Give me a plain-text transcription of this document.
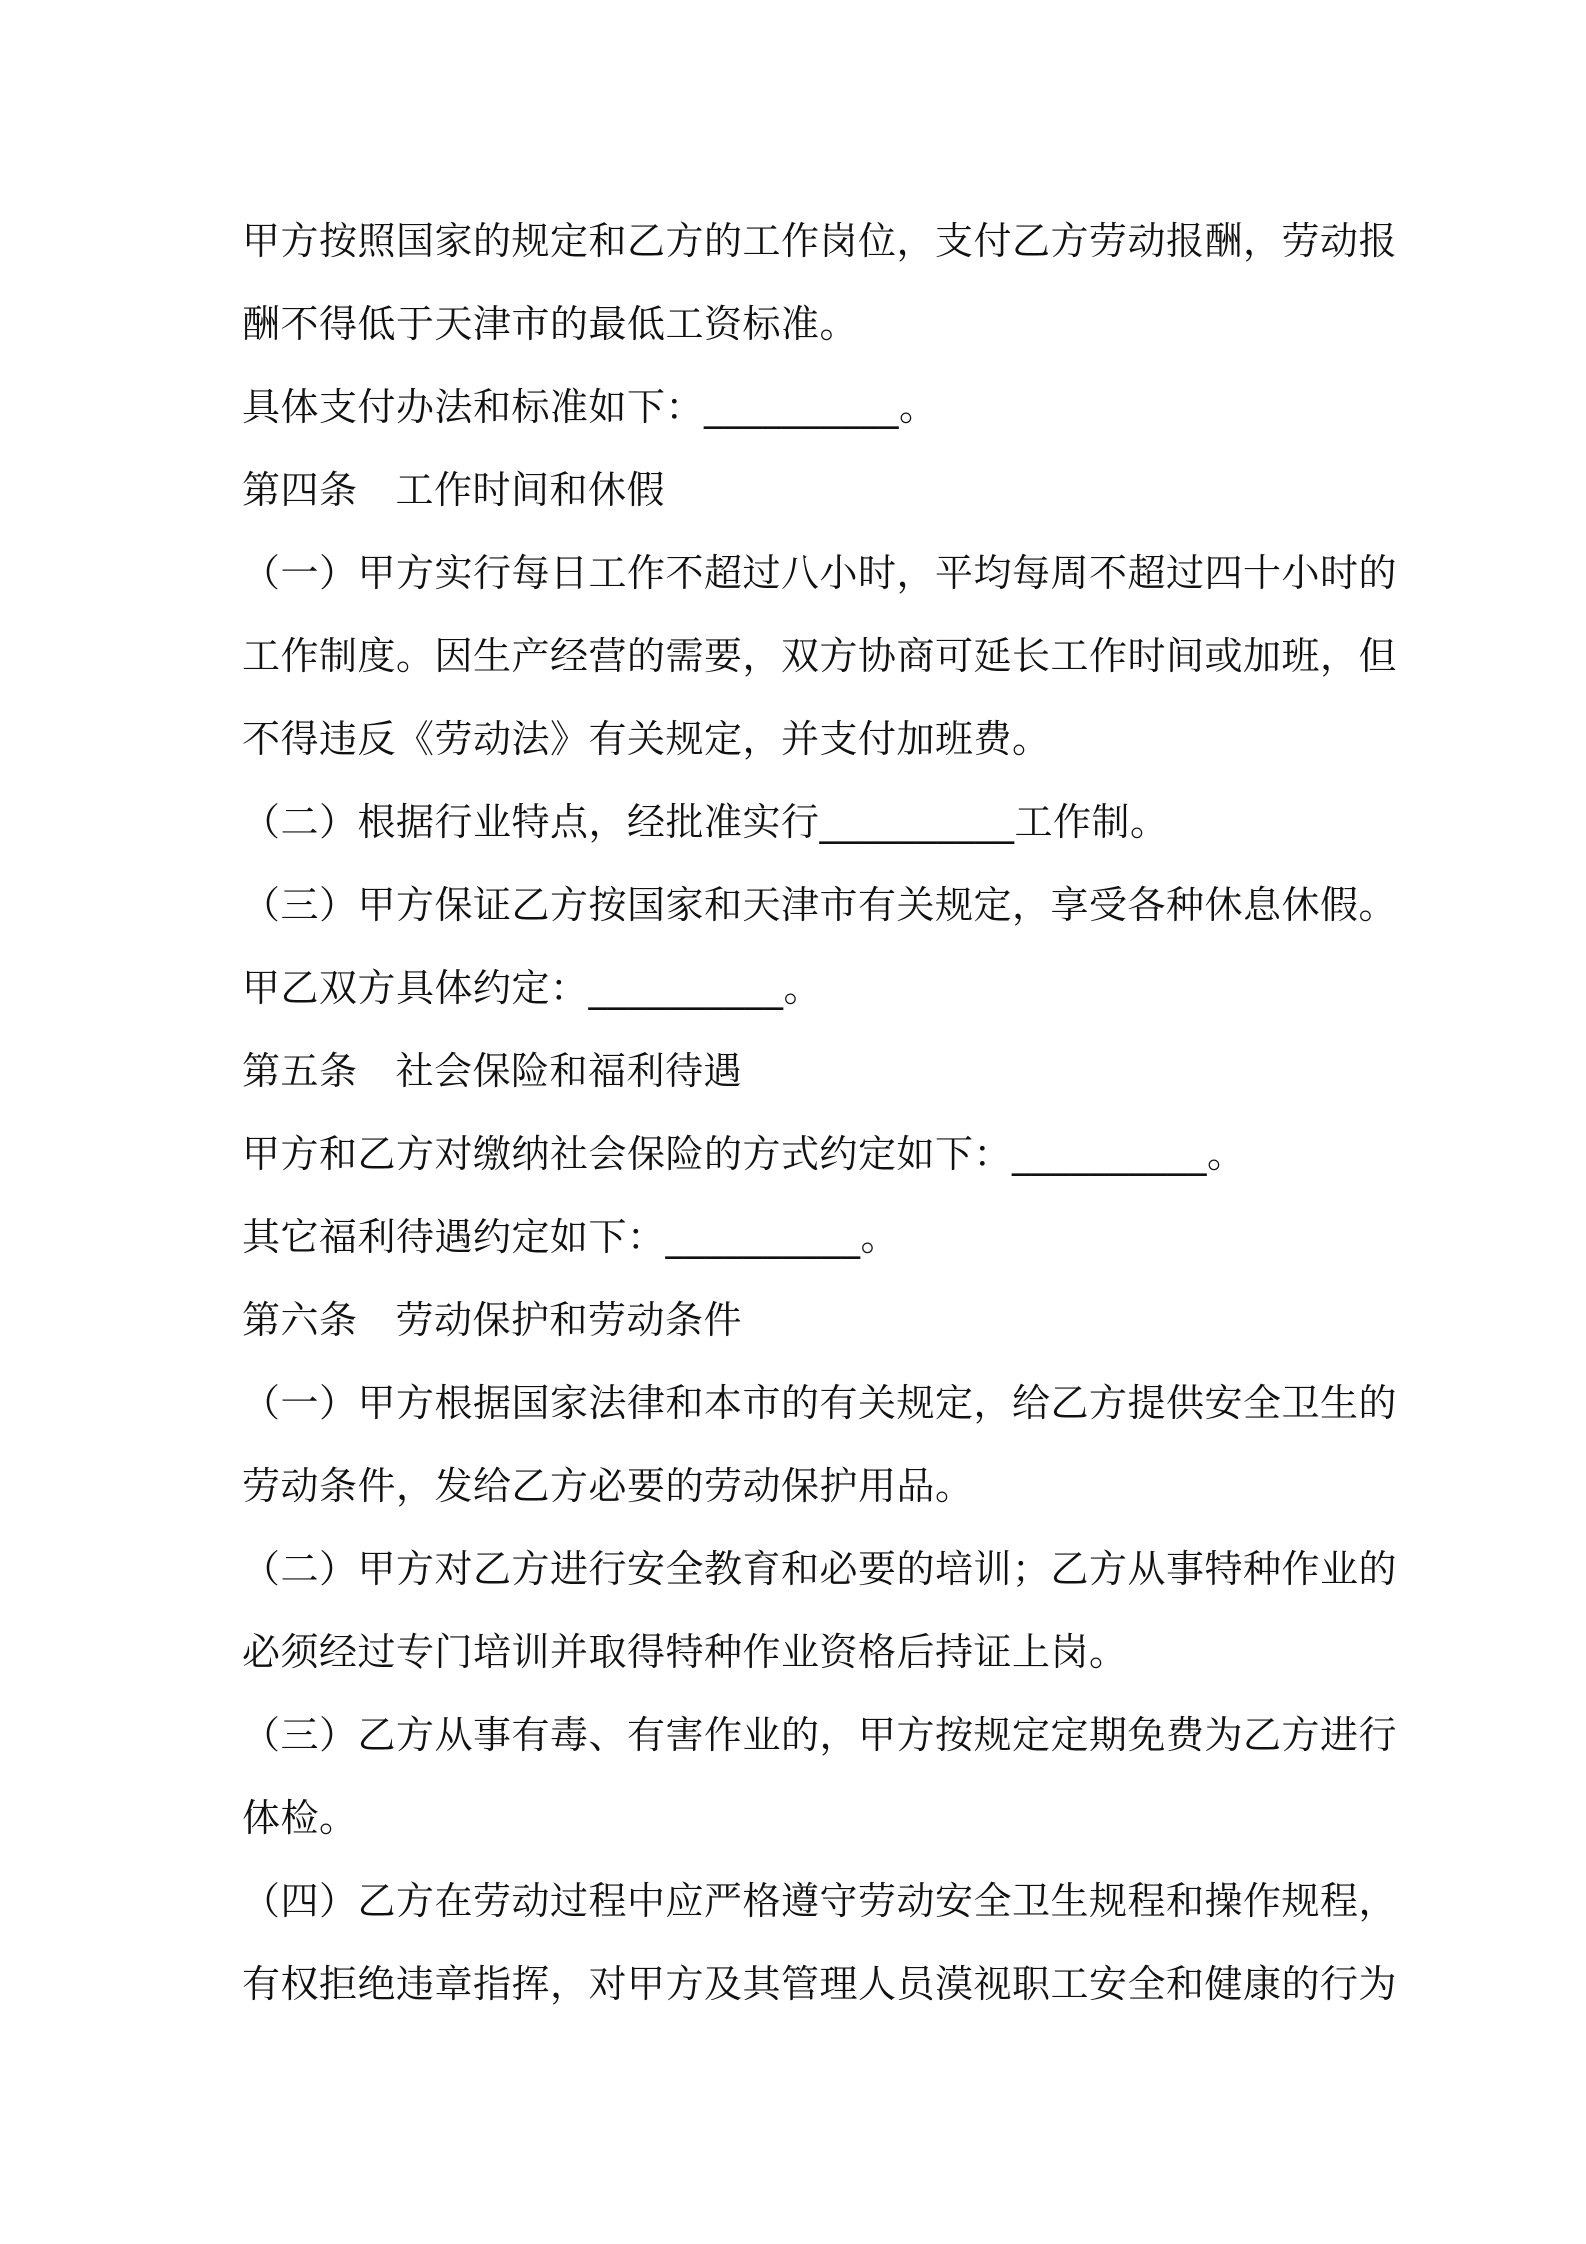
甲方按照国家的规定和乙方的工作岗位，支付乙方劳动报酬，劳动报

酬不得低于天津市的最低工资标准。

具体支付办法和标准如下：__________。

第四条 工作时间和休假

（一）甲方实行每日工作不超过八小时，平均每周不超过四十小时的

工作制度。因生产经营的需要，双方协商可延长工作时间或加班，但

不得违反《劳动法》有关规定，并支付加班费。

（二）根据行业特点，经批准实行__________工作制。

（三）甲方保证乙方按国家和天津市有关规定，享受各种休息休假。

甲乙双方具体约定：__________。

第五条 社会保险和福利待遇

甲方和乙方对缴纳社会保险的方式约定如下：__________。

其它福利待遇约定如下：__________。

第六条 劳动保护和劳动条件

（一）甲方根据国家法律和本市的有关规定，给乙方提供安全卫生的

劳动条件，发给乙方必要的劳动保护用品。

（二）甲方对乙方进行安全教育和必要的培训；乙方从事特种作业的

必须经过专门培训并取得特种作业资格后持证上岗。

（三）乙方从事有毒、有害作业的，甲方按规定定期免费为乙方进行

体检。

（四）乙方在劳动过程中应严格遵守劳动安全卫生规程和操作规程，

有权拒绝违章指挥，对甲方及其管理人员漠视职工安全和健康的行为
